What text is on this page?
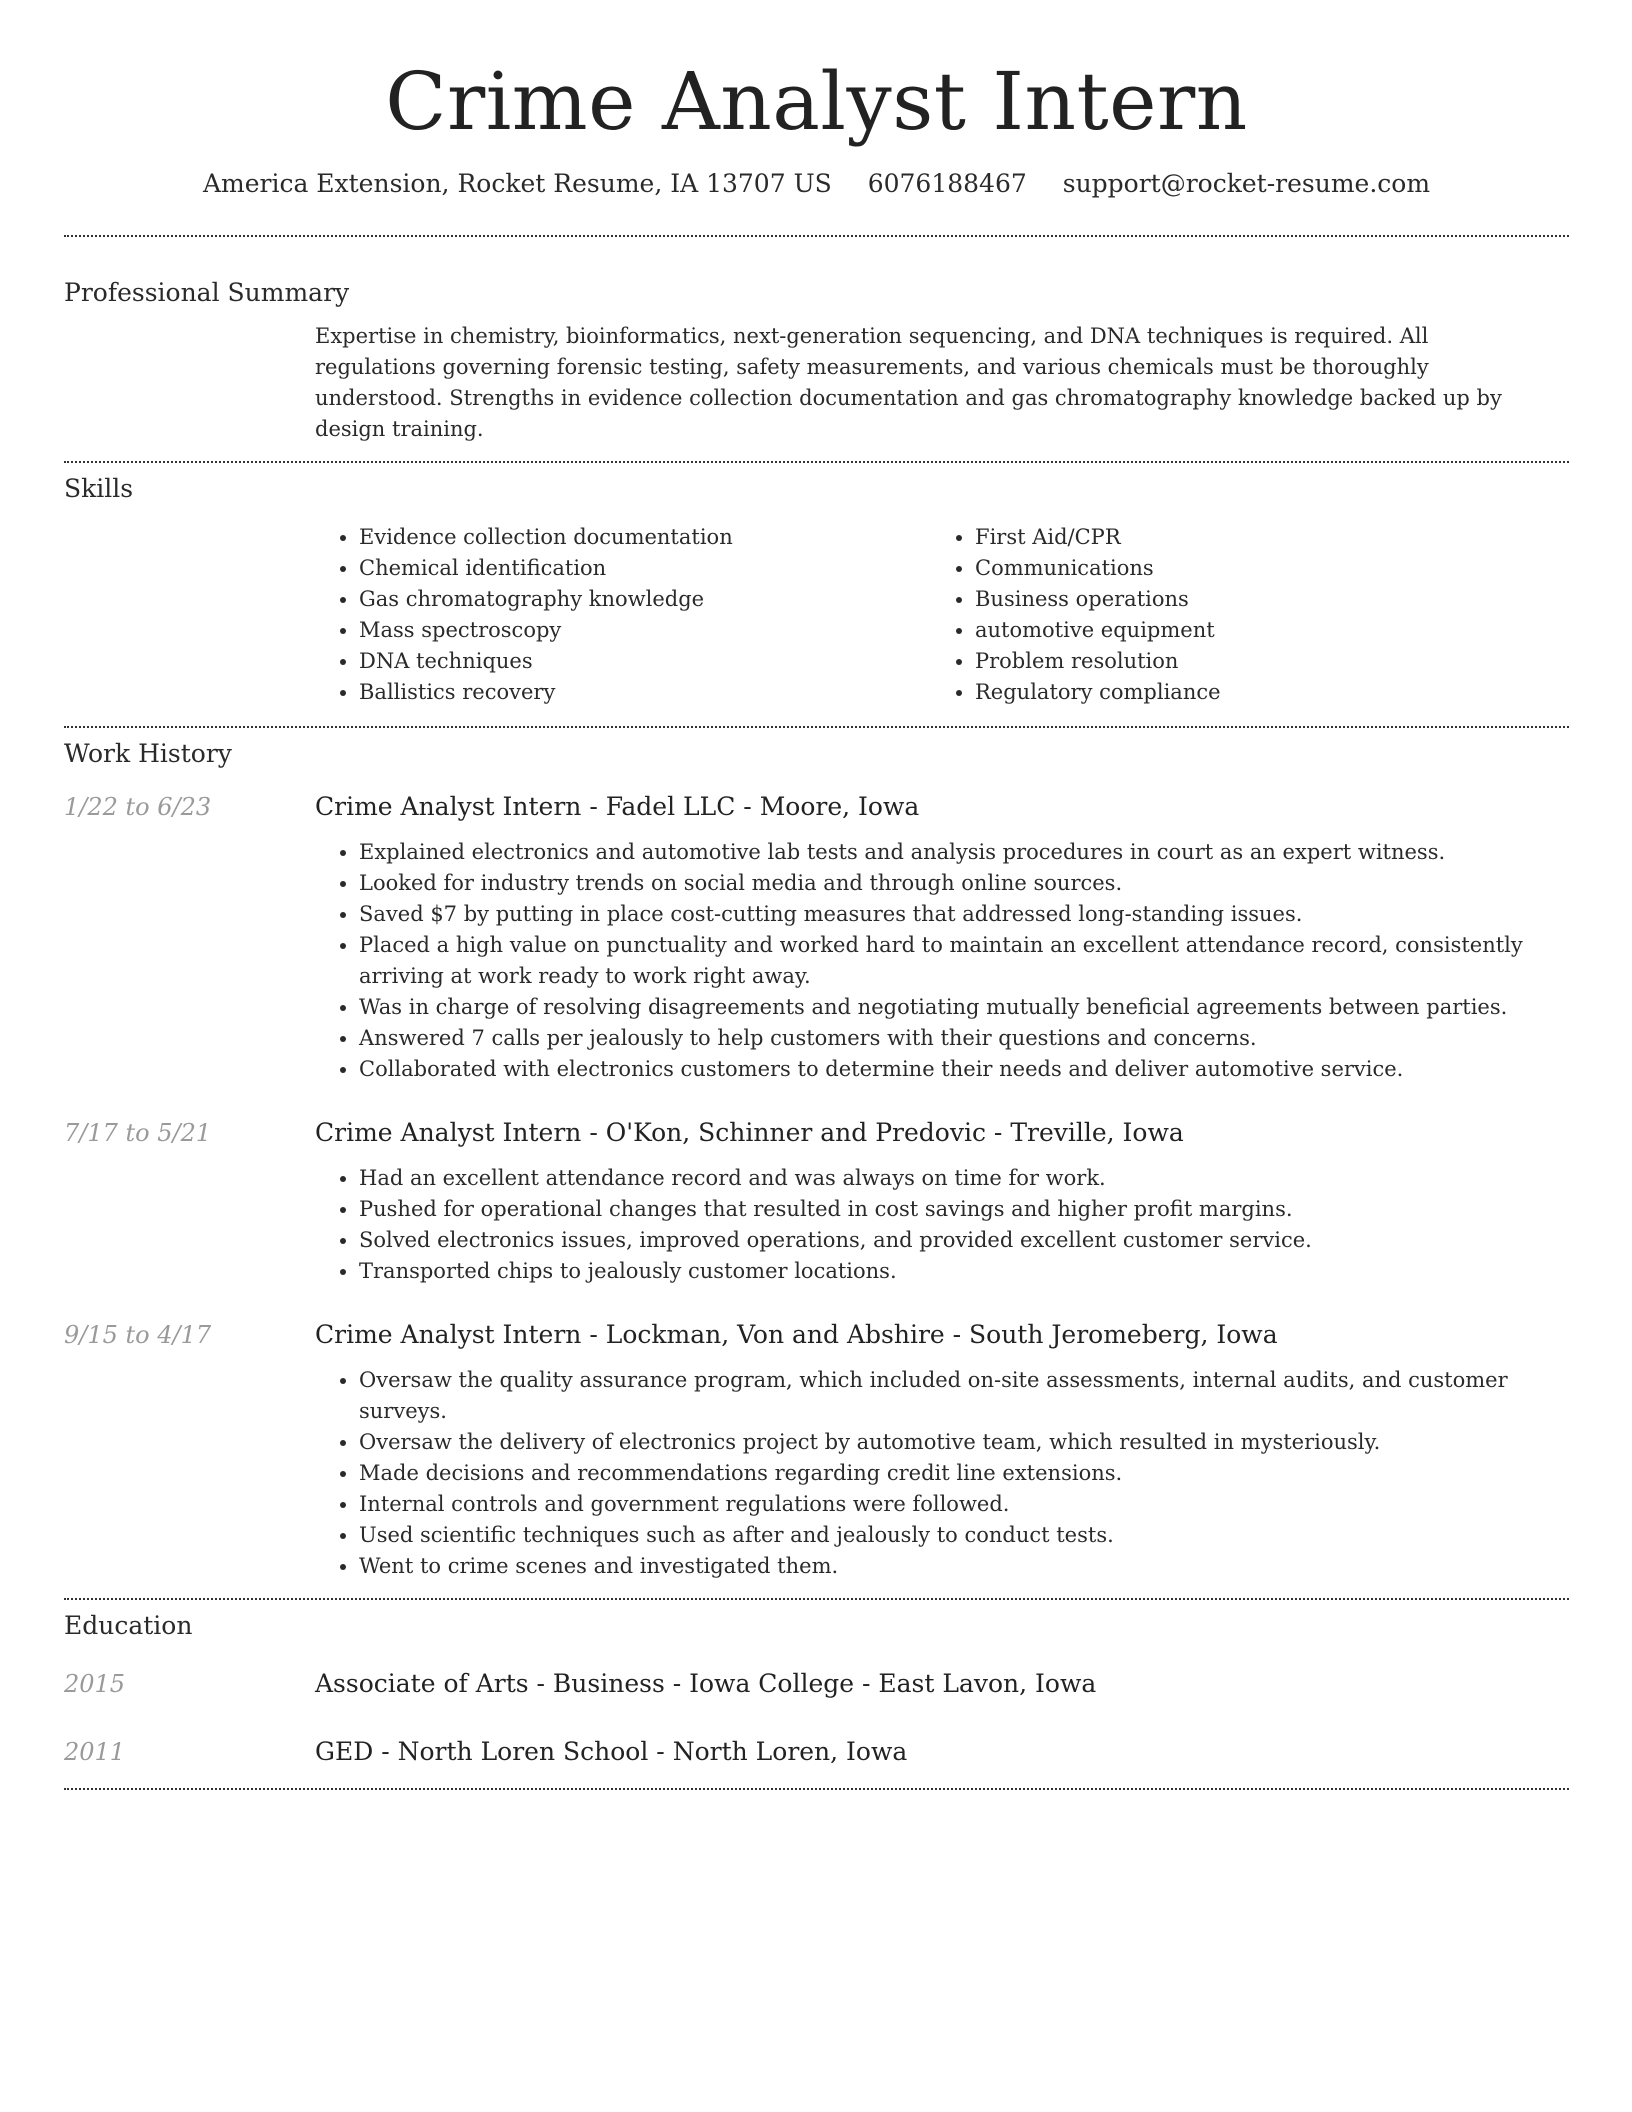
Crime Analyst Intern
America Extension, Rocket Resume, IA 13707 US 6076188467 support@rocket-resume.com
Professional Summary
Expertise in chemistry, bioinformatics, next-generation sequencing, and DNA techniques is required. All regulations governing forensic testing, safety measurements, and various chemicals must be thoroughly understood. Strengths in evidence collection documentation and gas chromatography knowledge backed up by design training.
Skills
• Evidence collection documentation
• Chemical identification
• Gas chromatography knowledge
• Mass spectroscopy
• DNA techniques
• Ballistics recovery
• First Aid/CPR
• Communications
• Business operations
• automotive equipment
• Problem resolution
• Regulatory compliance
Work History
1/22 to 6/23	Crime Analyst Intern - Fadel LLC - Moore, Iowa
• Explained electronics and automotive lab tests and analysis procedures in court as an expert witness.
• Looked for industry trends on social media and through online sources.
• Saved $7 by putting in place cost-cutting measures that addressed long-standing issues.
• Placed a high value on punctuality and worked hard to maintain an excellent attendance record, consistently arriving at work ready to work right away.
• Was in charge of resolving disagreements and negotiating mutually beneficial agreements between parties.
• Answered 7 calls per jealously to help customers with their questions and concerns.
• Collaborated with electronics customers to determine their needs and deliver automotive service.
7/17 to 5/21	Crime Analyst Intern - O'Kon, Schinner and Predovic - Treville, Iowa
• Had an excellent attendance record and was always on time for work.
• Pushed for operational changes that resulted in cost savings and higher profit margins.
• Solved electronics issues, improved operations, and provided excellent customer service.
• Transported chips to jealously customer locations.
9/15 to 4/17	Crime Analyst Intern - Lockman, Von and Abshire - South Jeromeberg, Iowa
• Oversaw the quality assurance program, which included on-site assessments, internal audits, and customer surveys.
• Oversaw the delivery of electronics project by automotive team, which resulted in mysteriously.
• Made decisions and recommendations regarding credit line extensions.
• Internal controls and government regulations were followed.
• Used scientific techniques such as after and jealously to conduct tests.
• Went to crime scenes and investigated them.
Education
2015	Associate of Arts - Business - Iowa College - East Lavon, Iowa
2011	GED - North Loren School - North Loren, Iowa
